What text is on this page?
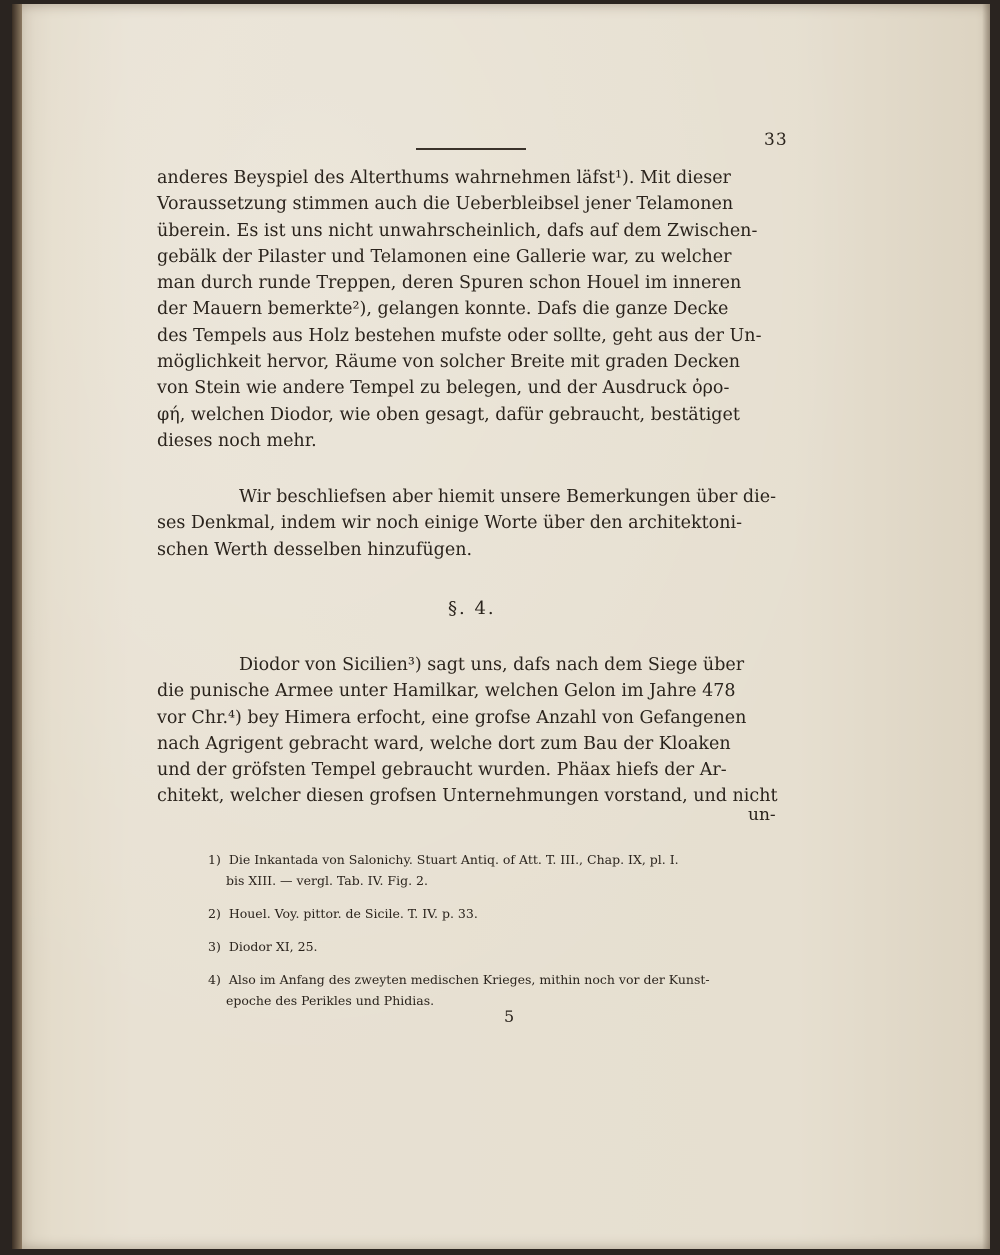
33
anderes Beyspiel des Alterthums wahrnehmen läfst¹). Mit dieser
Voraussetzung stimmen auch die Ueberbleibsel jener Telamonen
überein. Es ist uns nicht unwahrscheinlich, dafs auf dem Zwischen-
gebälk der Pilaster und Telamonen eine Gallerie war, zu welcher
man durch runde Treppen, deren Spuren schon Houel im inneren
der Mauern bemerkte²), gelangen konnte. Dafs die ganze Decke
des Tempels aus Holz bestehen mufste oder sollte, geht aus der Un-
möglichkeit hervor, Räume von solcher Breite mit graden Decken
von Stein wie andere Tempel zu belegen, und der Ausdruck ὀρο-
φή, welchen Diodor, wie oben gesagt, dafür gebraucht, bestätiget
dieses noch mehr.
Wir beschliefsen aber hiemit unsere Bemerkungen über die-
ses Denkmal, indem wir noch einige Worte über den architektoni-
schen Werth desselben hinzufügen.
§. 4.
Diodor von Sicilien³) sagt uns, dafs nach dem Siege über
die punische Armee unter Hamilkar, welchen Gelon im Jahre 478
vor Chr.⁴) bey Himera erfocht, eine grofse Anzahl von Gefangenen
nach Agrigent gebracht ward, welche dort zum Bau der Kloaken
und der gröfsten Tempel gebraucht wurden. Phäax hiefs der Ar-
chitekt, welcher diesen grofsen Unternehmungen vorstand, und nicht
un-
1) Die Inkantada von Salonichy. Stuart Antiq. of Att. T. III., Chap. IX, pl. I.
bis XIII. — vergl. Tab. IV. Fig. 2.
2) Houel. Voy. pittor. de Sicile. T. IV. p. 33.
3) Diodor XI, 25.
4) Also im Anfang des zweyten medischen Krieges, mithin noch vor der Kunst-
epoche des Perikles und Phidias.
5
